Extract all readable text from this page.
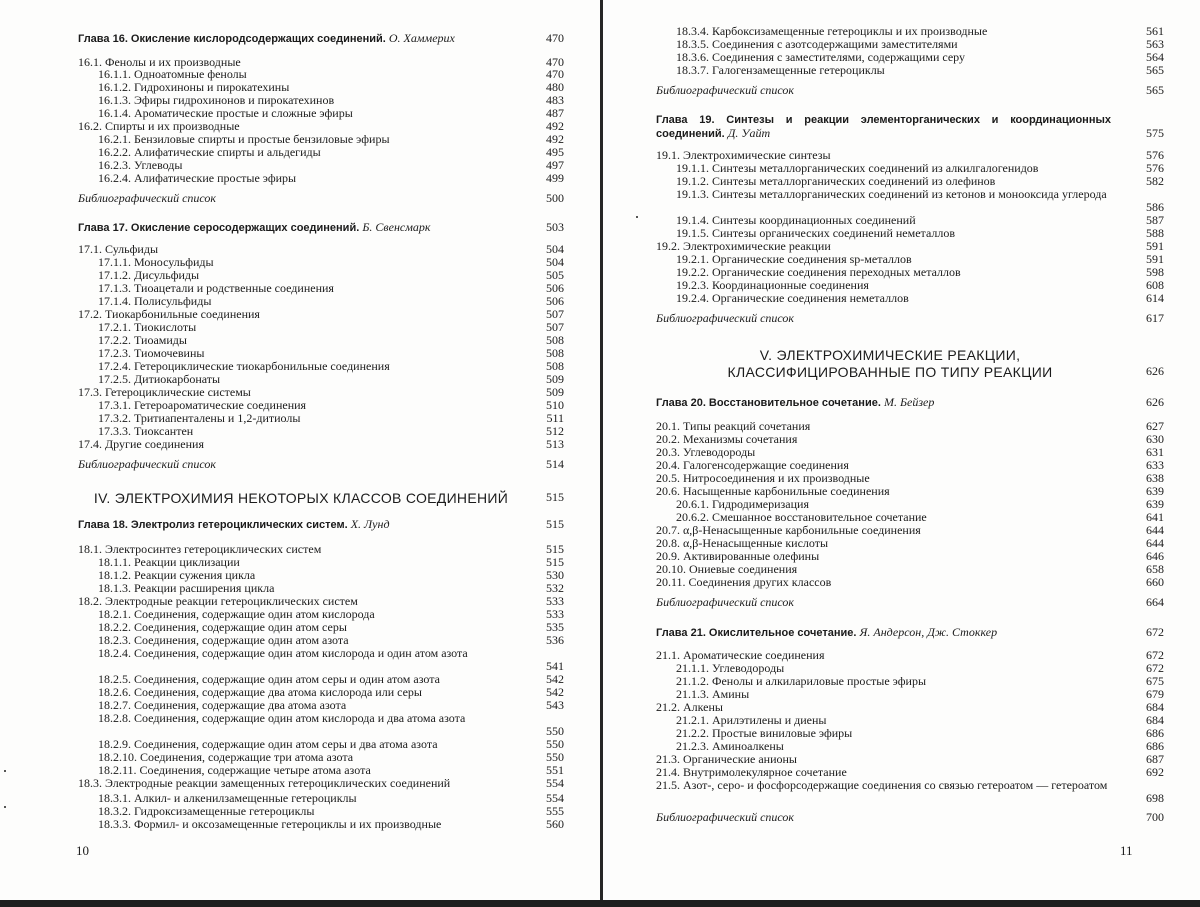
Глава 16. Окисление кислородсодержащих соединений. О. Хаммерих	470
16.1. Фенолы и их производные	470
16.1.1. Одноатомные фенолы	470
16.1.2. Гидрохиноны и пирокатехины	480
16.1.3. Эфиры гидрохинонов и пирокатехинов	483
16.1.4. Ароматические простые и сложные эфиры	487
16.2. Спирты и их производные	492
16.2.1. Бензиловые спирты и простые бензиловые эфиры	492
16.2.2. Алифатические спирты и альдегиды	495
16.2.3. Углеводы	497
16.2.4. Алифатические простые эфиры	499
Библиографический список	500
Глава 17. Окисление серосодержащих соединений. Б. Свенсмарк	503
17.1. Сульфиды	504
17.1.1. Моносульфиды	504
17.1.2. Дисульфиды	505
17.1.3. Тиоацетали и родственные соединения	506
17.1.4. Полисульфиды	506
17.2. Тиокарбонильные соединения	507
17.2.1. Тиокислоты	507
17.2.2. Тиоамиды	508
17.2.3. Тиомочевины	508
17.2.4. Гетероциклические тиокарбонильные соединения	508
17.2.5. Дитиокарбонаты	509
17.3. Гетероциклические системы	509
17.3.1. Гетероароматические соединения	510
17.3.2. Тритиапенталены и 1,2-дитиолы	511
17.3.3. Тиоксантен	512
17.4. Другие соединения	513
Библиографический список	514
IV. ЭЛЕКТРОХИМИЯ НЕКОТОРЫХ КЛАССОВ СОЕДИНЕНИЙ	515
Глава 18. Электролиз гетероциклических систем. Х. Лунд	515
18.1. Электросинтез гетероциклических систем	515
18.1.1. Реакции циклизации	515
18.1.2. Реакции сужения цикла	530
18.1.3. Реакции расширения цикла	532
18.2. Электродные реакции гетероциклических систем	533
18.2.1. Соединения, содержащие один атом кислорода	533
18.2.2. Соединения, содержащие один атом серы	535
18.2.3. Соединения, содержащие один атом азота	536
18.2.4. Соединения, содержащие один атом кислорода и один атом азота
541
18.2.5. Соединения, содержащие один атом серы и один атом азота	542
18.2.6. Соединения, содержащие два атома кислорода или серы	542
18.2.7. Соединения, содержащие два атома азота	543
18.2.8. Соединения, содержащие один атом кислорода и два атома азота
550
18.2.9. Соединения, содержащие один атом серы и два атома азота	550
18.2.10. Соединения, содержащие три атома азота	550
18.2.11. Соединения, содержащие четыре атома азота	551
18.3. Электродные реакции замещенных гетероциклических соединений	554
18.3.1. Алкил- и алкенилзамещенные гетероциклы	554
18.3.2. Гидроксизамещенные гетероциклы	555
18.3.3. Формил- и оксозамещенные гетероциклы и их производные	560
10
18.3.4. Карбоксизамещенные гетероциклы и их производные	561
18.3.5. Соединения с азотсодержащими заместителями	563
18.3.6. Соединения с заместителями, содержащими серу	564
18.3.7. Галогензамещенные гетероциклы	565
Библиографический список	565
Глава 19. Синтезы и реакции элементорганических и координационных соединений. Д. Уайт	575
19.1. Электрохимические синтезы	576
19.1.1. Синтезы металлорганических соединений из алкилгалогенидов	576
19.1.2. Синтезы металлорганических соединений из олефинов	582
19.1.3. Синтезы металлорганических соединений из кетонов и монооксида углерода
586
19.1.4. Синтезы координационных соединений	587
19.1.5. Синтезы органических соединений неметаллов	588
19.2. Электрохимические реакции	591
19.2.1. Органические соединения sp-металлов	591
19.2.2. Органические соединения переходных металлов	598
19.2.3. Координационные соединения	608
19.2.4. Органические соединения неметаллов	614
Библиографический список	617
V. ЭЛЕКТРОХИМИЧЕСКИЕ РЕАКЦИИ,
КЛАССИФИЦИРОВАННЫЕ ПО ТИПУ РЕАКЦИИ	626
Глава 20. Восстановительное сочетание. М. Бейзер	626
20.1. Типы реакций сочетания	627
20.2. Механизмы сочетания	630
20.3. Углеводороды	631
20.4. Галогенсодержащие соединения	633
20.5. Нитросоединения и их производные	638
20.6. Насыщенные карбонильные соединения	639
20.6.1. Гидродимеризация	639
20.6.2. Смешанное восстановительное сочетание	641
20.7. α,β-Ненасыщенные карбонильные соединения	644
20.8. α,β-Ненасыщенные кислоты	644
20.9. Активированные олефины	646
20.10. Ониевые соединения	658
20.11. Соединения других классов	660
Библиографический список	664
Глава 21. Окислительное сочетание. Я. Андерсон, Дж. Стоккер	672
21.1. Ароматические соединения	672
21.1.1. Углеводороды	672
21.1.2. Фенолы и алкиларилoвые простые эфиры	675
21.1.3. Амины	679
21.2. Алкены	684
21.2.1. Арилэтилены и диены	684
21.2.2. Простые виниловые эфиры	686
21.2.3. Аминоалкены	686
21.3. Органические анионы	687
21.4. Внутримолекулярное сочетание	692
21.5. Азот-, серо- и фосфорсодержащие соединения со связью гетероатом — гетероатом
698
Библиографический список	700
11
